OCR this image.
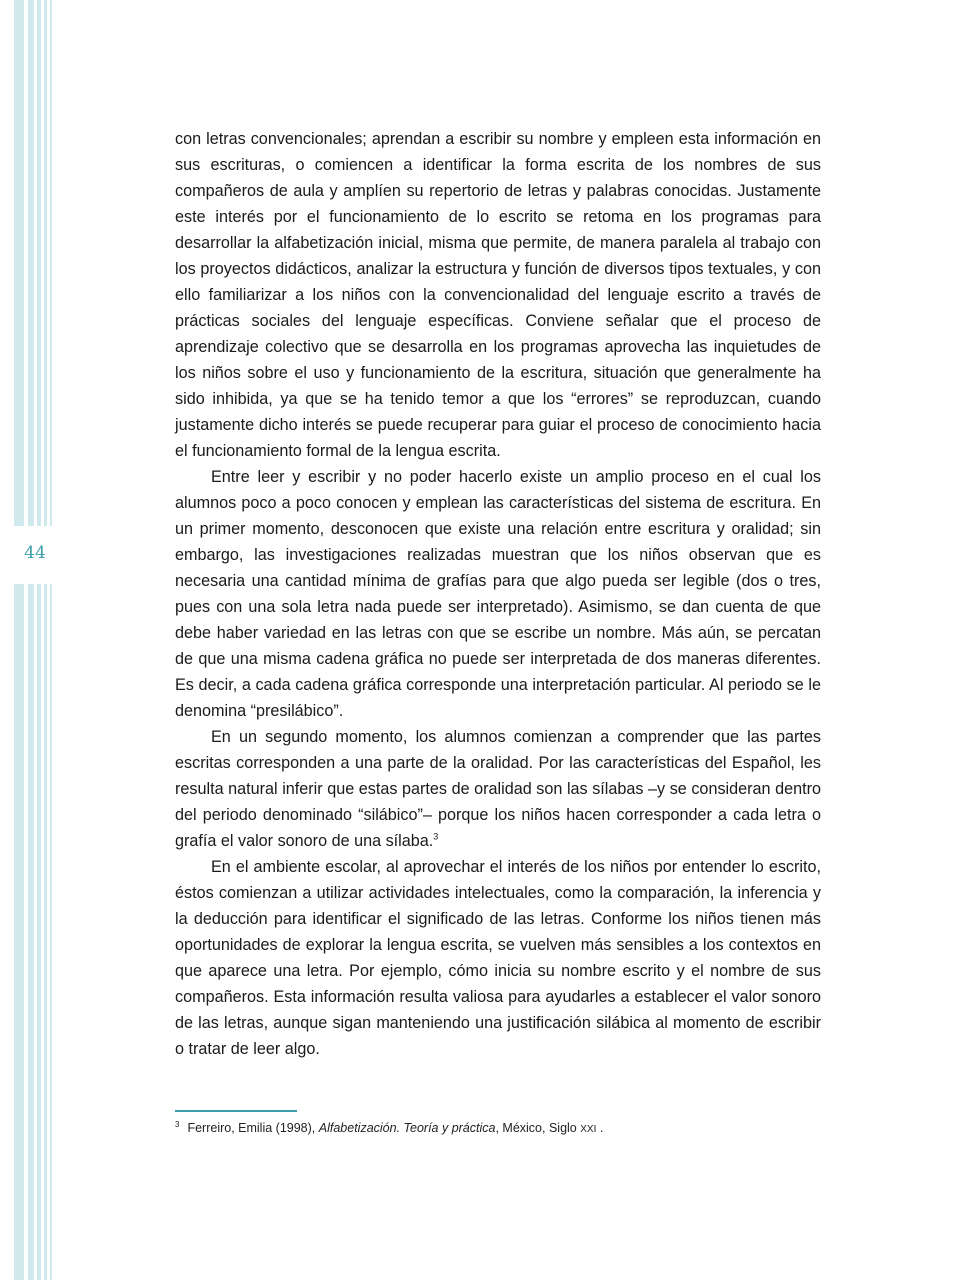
44

con letras convencionales; aprendan a escribir su nombre y empleen esta información en sus escrituras, o comiencen a identificar la forma escrita de los nombres de sus compañeros de aula y amplíen su repertorio de letras y palabras conocidas. Justamente este interés por el funcionamiento de lo escrito se retoma en los programas para desarrollar la alfabetización inicial, misma que permite, de manera paralela al trabajo con los proyectos didácticos, analizar la estructura y función de diversos tipos textuales, y con ello familiarizar a los niños con la convencionalidad del lenguaje escrito a través de prácticas sociales del lenguaje específicas. Conviene señalar que el proceso de aprendizaje colectivo que se desarrolla en los programas aprovecha las inquietudes de los niños sobre el uso y funcionamiento de la escritura, situación que generalmente ha sido inhibida, ya que se ha tenido temor a que los “errores” se reproduzcan, cuando justamente dicho interés se puede recuperar para guiar el proceso de conocimiento hacia el funcionamiento formal de la lengua escrita.

Entre leer y escribir y no poder hacerlo existe un amplio proceso en el cual los alumnos poco a poco conocen y emplean las características del sistema de escritura. En un primer momento, desconocen que existe una relación entre escritura y oralidad; sin embargo, las investigaciones realizadas muestran que los niños observan que es necesaria una cantidad mínima de grafías para que algo pueda ser legible (dos o tres, pues con una sola letra nada puede ser interpretado). Asimismo, se dan cuenta de que debe haber variedad en las letras con que se escribe un nombre. Más aún, se percatan de que una misma cadena gráfica no puede ser interpretada de dos maneras diferentes. Es decir, a cada cadena gráfica corresponde una interpretación particular. Al periodo se le denomina “presilábico”.

En un segundo momento, los alumnos comienzan a comprender que las partes escritas corresponden a una parte de la oralidad. Por las características del Español, les resulta natural inferir que estas partes de oralidad son las sílabas –y se consideran dentro del periodo denominado “silábico”– porque los niños hacen corresponder a cada letra o grafía el valor sonoro de una sílaba.$^3$

En el ambiente escolar, al aprovechar el interés de los niños por entender lo escrito, éstos comienzan a utilizar actividades intelectuales, como la comparación, la inferencia y la deducción para identificar el significado de las letras. Conforme los niños tienen más oportunidades de explorar la lengua escrita, se vuelven más sensibles a los contextos en que aparece una letra. Por ejemplo, cómo inicia su nombre escrito y el nombre de sus compañeros. Esta información resulta valiosa para ayudarles a establecer el valor sonoro de las letras, aunque sigan manteniendo una justificación silábica al momento de escribir o tratar de leer algo.

$^3$ Ferreiro, Emilia (1998), Alfabetización. Teoría y práctica, México, Siglo XXI .
